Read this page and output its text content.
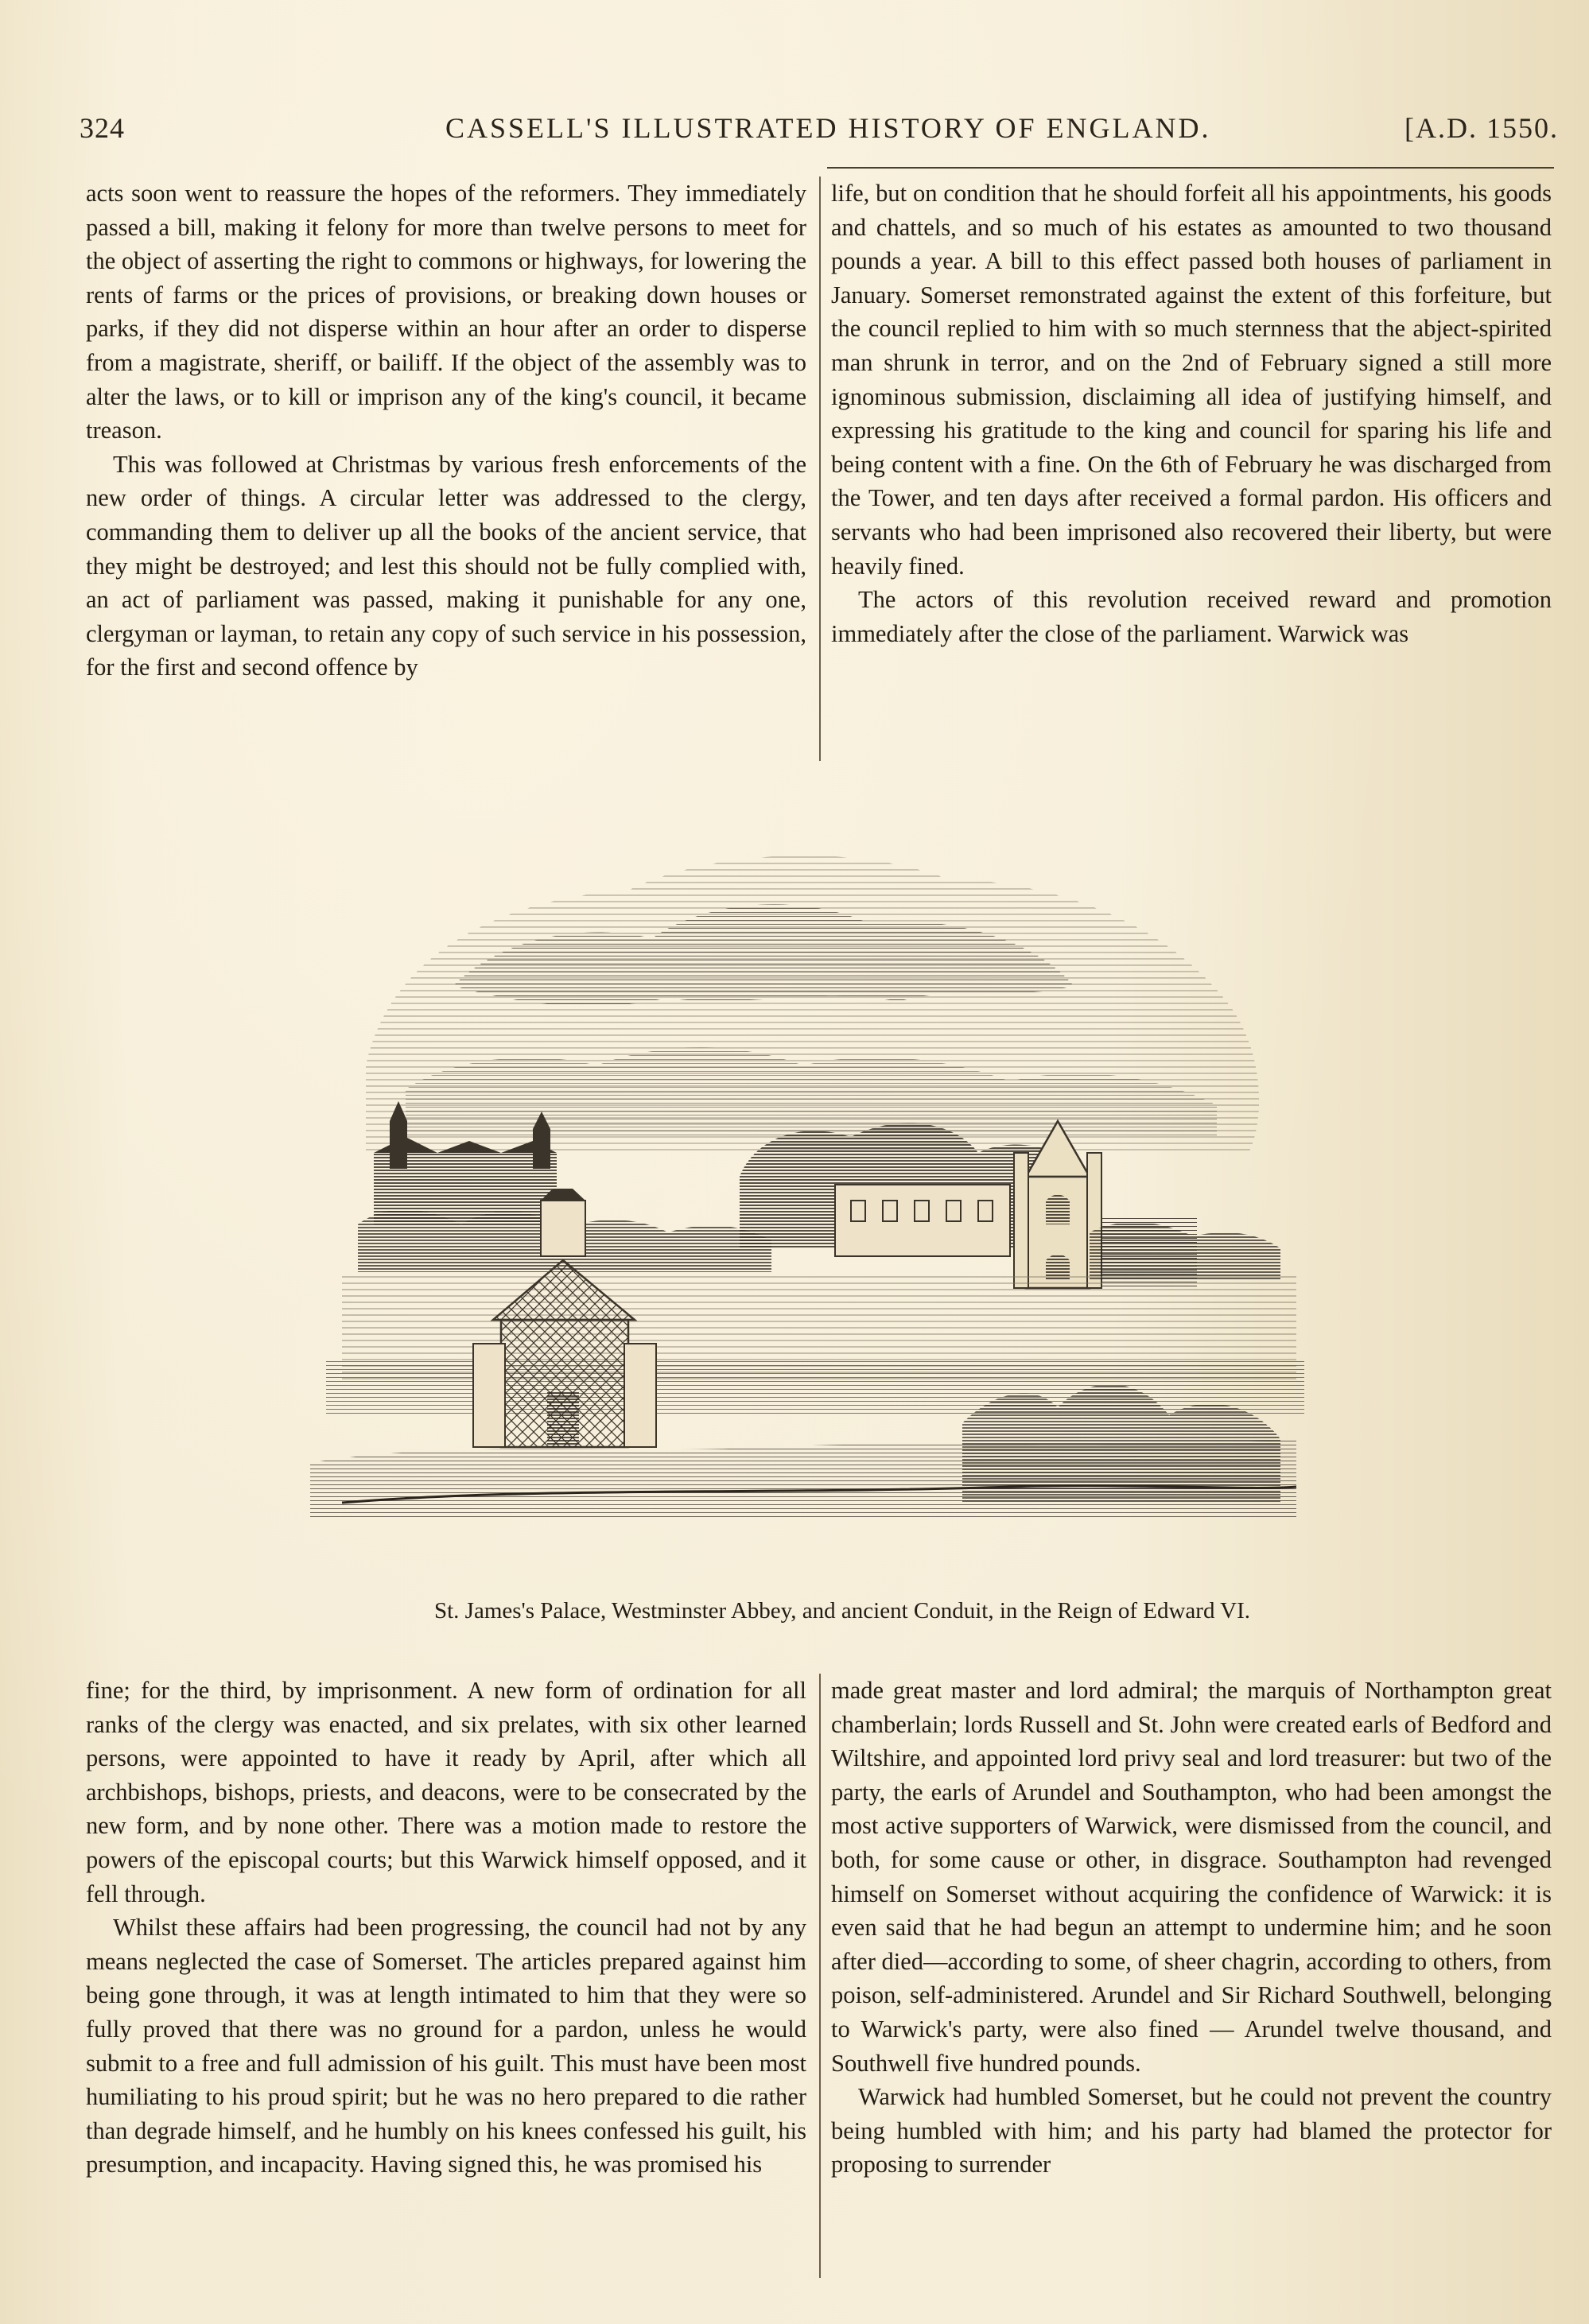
324	CASSELL'S ILLUSTRATED HISTORY OF ENGLAND.	[A.D. 1550.

acts soon went to reassure the hopes of the reformers. They immediately passed a bill, making it felony for more than twelve persons to meet for the object of asserting the right to commons or highways, for lowering the rents of farms or the prices of provisions, or breaking down houses or parks, if they did not disperse within an hour after an order to disperse from a magistrate, sheriff, or bailiff. If the object of the assembly was to alter the laws, or to kill or imprison any of the king's council, it became treason.

This was followed at Christmas by various fresh enforcements of the new order of things. A circular letter was addressed to the clergy, commanding them to deliver up all the books of the ancient service, that they might be destroyed; and lest this should not be fully complied with, an act of parliament was passed, making it punishable for any one, clergyman or layman, to retain any copy of such service in his possession, for the first and second offence by

life, but on condition that he should forfeit all his appointments, his goods and chattels, and so much of his estates as amounted to two thousand pounds a year. A bill to this effect passed both houses of parliament in January. Somerset remonstrated against the extent of this forfeiture, but the council replied to him with so much sternness that the abject-spirited man shrunk in terror, and on the 2nd of February signed a still more ignominous submission, disclaiming all idea of justifying himself, and expressing his gratitude to the king and council for sparing his life and being content with a fine. On the 6th of February he was discharged from the Tower, and ten days after received a formal pardon. His officers and servants who had been imprisoned also recovered their liberty, but were heavily fined.

The actors of this revolution received reward and promotion immediately after the close of the parliament. Warwick was

St. James's Palace, Westminster Abbey, and ancient Conduit, in the Reign of Edward VI.

fine; for the third, by imprisonment. A new form of ordination for all ranks of the clergy was enacted, and six prelates, with six other learned persons, were appointed to have it ready by April, after which all archbishops, bishops, priests, and deacons, were to be consecrated by the new form, and by none other. There was a motion made to restore the powers of the episcopal courts; but this Warwick himself opposed, and it fell through.

Whilst these affairs had been progressing, the council had not by any means neglected the case of Somerset. The articles prepared against him being gone through, it was at length intimated to him that they were so fully proved that there was no ground for a pardon, unless he would submit to a free and full admission of his guilt. This must have been most humiliating to his proud spirit; but he was no hero prepared to die rather than degrade himself, and he humbly on his knees confessed his guilt, his presumption, and incapacity. Having signed this, he was promised his

made great master and lord admiral; the marquis of Northampton great chamberlain; lords Russell and St. John were created earls of Bedford and Wiltshire, and appointed lord privy seal and lord treasurer: but two of the party, the earls of Arundel and Southampton, who had been amongst the most active supporters of Warwick, were dismissed from the council, and both, for some cause or other, in disgrace. Southampton had revenged himself on Somerset without acquiring the confidence of Warwick: it is even said that he had begun an attempt to undermine him; and he soon after died—according to some, of sheer chagrin, according to others, from poison, self-administered. Arundel and Sir Richard Southwell, belonging to Warwick's party, were also fined — Arundel twelve thousand, and Southwell five hundred pounds.

Warwick had humbled Somerset, but he could not prevent the country being humbled with him; and his party had blamed the protector for proposing to surrender
